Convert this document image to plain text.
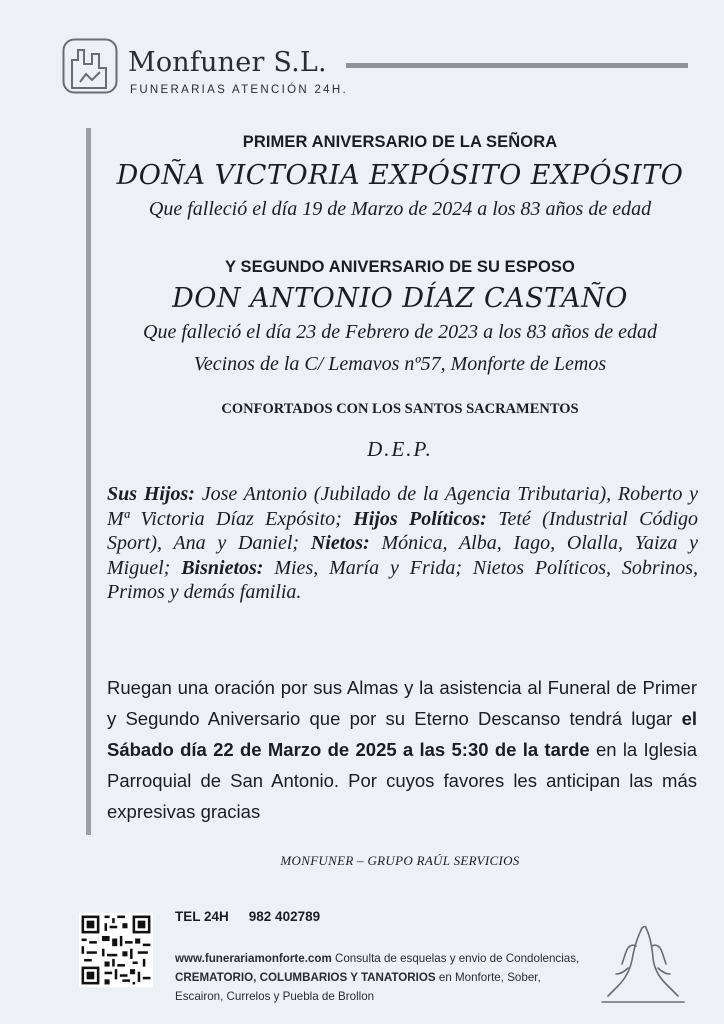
Monfuner S.L.
FUNERARIAS ATENCIÓN 24H.
PRIMER ANIVERSARIO DE LA SEÑORA
DOÑA VICTORIA EXPÓSITO EXPÓSITO
Que falleció el día 19 de Marzo de 2024 a los 83 años de edad
Y SEGUNDO ANIVERSARIO DE SU ESPOSO
DON ANTONIO DÍAZ CASTAÑO
Que falleció el día 23 de Febrero de 2023 a los 83 años de edad
Vecinos de la C/ Lemavos nº57, Monforte de Lemos
CONFORTADOS CON LOS SANTOS SACRAMENTOS
D.E.P.
Sus Hijos: Jose Antonio (Jubilado de la Agencia Tributaria), Roberto y Mª Victoria Díaz Expósito; Hijos Políticos: Teté (Industrial Código Sport), Ana y Daniel; Nietos: Mónica, Alba, Iago, Olalla, Yaiza y Miguel; Bisnietos: Mies, María y Frida; Nietos Políticos, Sobrinos, Primos y demás familia.
Ruegan una oración por sus Almas y la asistencia al Funeral de Primer y Segundo Aniversario que por su Eterno Descanso tendrá lugar el Sábado día 22 de Marzo de 2025 a las 5:30 de la tarde en la Iglesia Parroquial de San Antonio. Por cuyos favores les anticipan las más expresivas gracias
MONFUNER – GRUPO RAÚL SERVICIOS
TEL 24H 982 402789
www.funerariamonforte.com Consulta de esquelas y envio de Condolencias, CREMATORIO, COLUMBARIOS Y TANATORIOS en Monforte, Sober, Escairon, Currelos y Puebla de Brollon
